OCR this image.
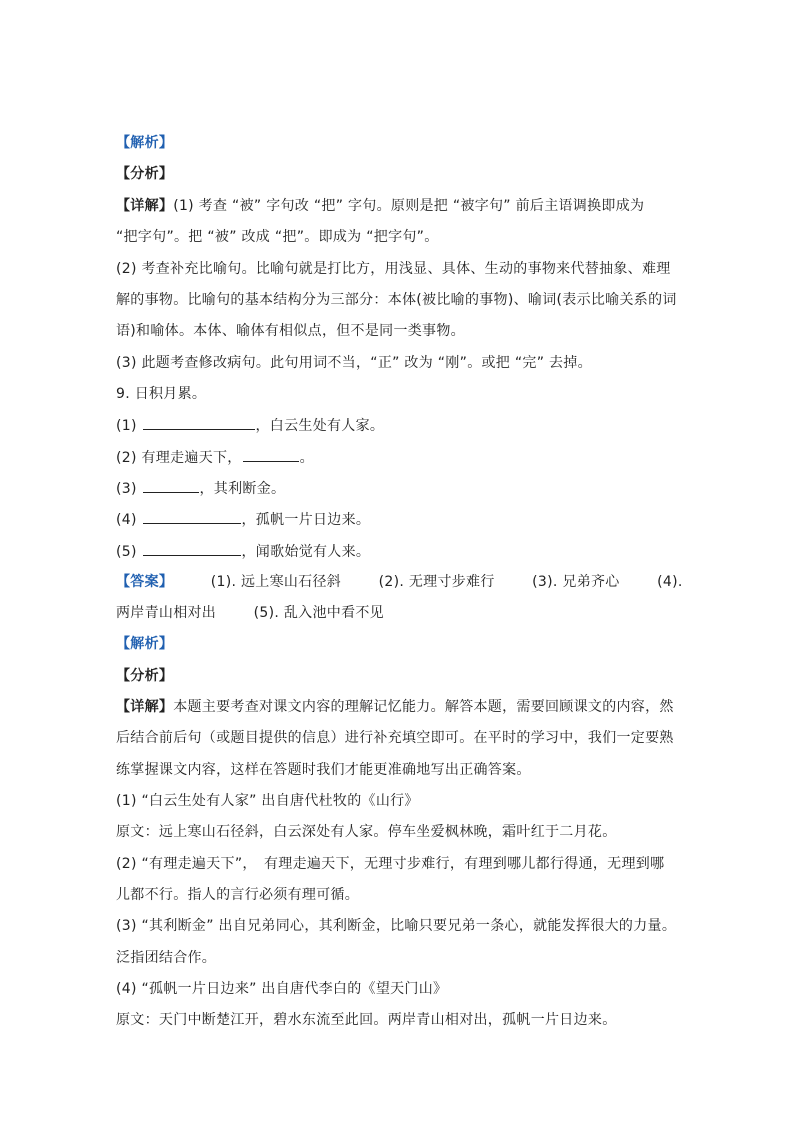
【解析】
【分析】
【详解】(1) 考查 “被” 字句改 “把” 字句。原则是把 “被字句” 前后主语调换即成为
“把字句”。把 “被” 改成 “把”。即成为 “把字句”。
(2) 考查补充比喻句。比喻句就是打比方，用浅显、具体、生动的事物来代替抽象、难理
解的事物。比喻句的基本结构分为三部分：本体(被比喻的事物)、喻词(表示比喻关系的词
语)和喻体。本体、喻体有相似点，但不是同一类事物。
(3) 此题考查修改病句。此句用词不当，“正” 改为 “刚”。或把 “完” 去掉。
9. 日积月累。
(1)	，白云生处有人家。
(2) 有理走遍天下，	。
(3)	，其利断金。
(4)	，孤帆一片日边来。
(5)	，闻歌始觉有人来。
【答案】	(1). 远上寒山石径斜	(2). 无理寸步难行	(3). 兄弟齐心	(4).
两岸青山相对出	(5). 乱入池中看不见
【解析】
【分析】
【详解】本题主要考查对课文内容的理解记忆能力。解答本题，需要回顾课文的内容，然
后结合前后句（或题目提供的信息）进行补充填空即可。在平时的学习中，我们一定要熟
练掌握课文内容，这样在答题时我们才能更准确地写出正确答案。
(1) “白云生处有人家” 出自唐代杜牧的《山行》
原文：远上寒山石径斜，白云深处有人家。停车坐爱枫林晚，霜叶红于二月花。
(2) “有理走遍天下”，　有理走遍天下，无理寸步难行，有理到哪儿都行得通，无理到哪
儿都不行。指人的言行必须有理可循。
(3) “其利断金” 出自兄弟同心，其利断金，比喻只要兄弟一条心，就能发挥很大的力量。
泛指团结合作。
(4) “孤帆一片日边来” 出自唐代李白的《望天门山》
原文：天门中断楚江开，碧水东流至此回。两岸青山相对出，孤帆一片日边来。
